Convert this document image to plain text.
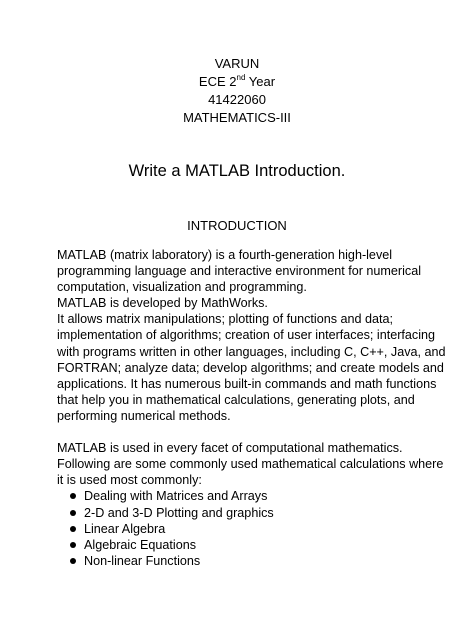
VARUN
ECE 2nd Year
41422060
MATHEMATICS-III
Write a MATLAB Introduction.
INTRODUCTION
MATLAB (matrix laboratory) is a fourth-generation high-level
programming language and interactive environment for numerical
computation, visualization and programming.
MATLAB is developed by MathWorks.
It allows matrix manipulations; plotting of functions and data;
implementation of algorithms; creation of user interfaces; interfacing
with programs written in other languages, including C, C++, Java, and
FORTRAN; analyze data; develop algorithms; and create models and
applications. It has numerous built-in commands and math functions
that help you in mathematical calculations, generating plots, and
performing numerical methods.
MATLAB is used in every facet of computational mathematics.
Following are some commonly used mathematical calculations where
it is used most commonly:
Dealing with Matrices and Arrays
2-D and 3-D Plotting and graphics
Linear Algebra
Algebraic Equations
Non-linear Functions
